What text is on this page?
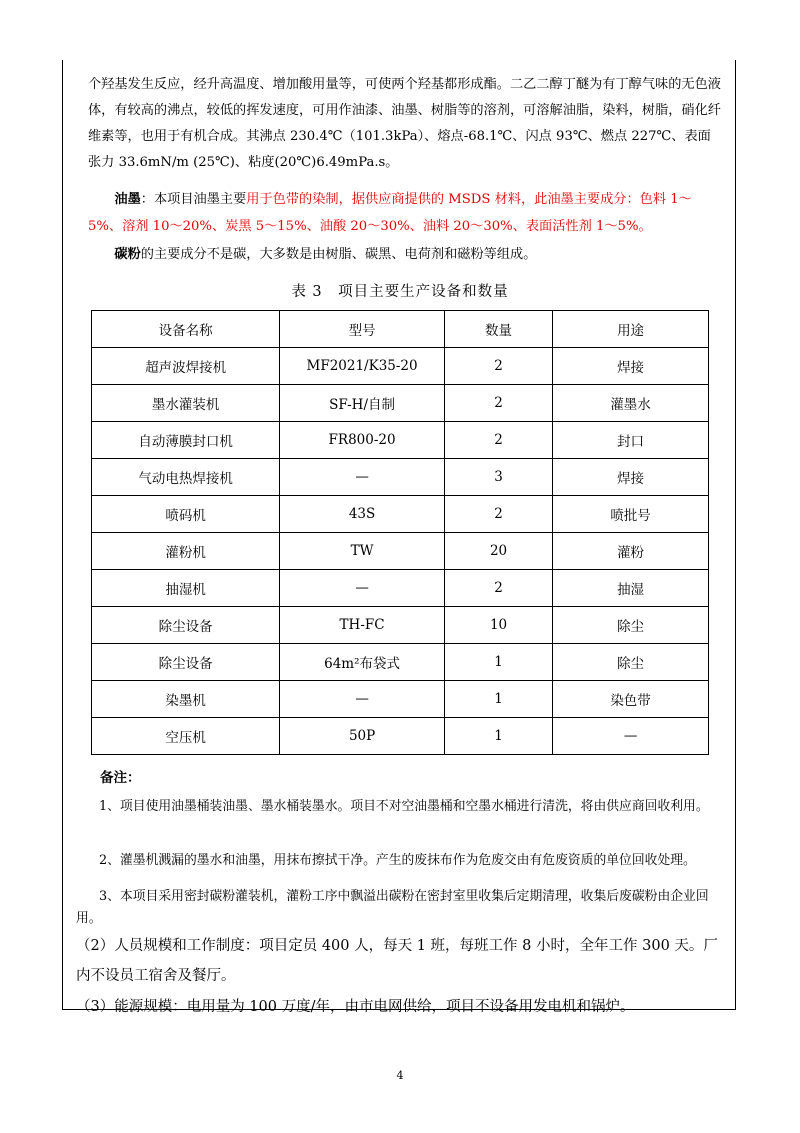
个羟基发生反应，经升高温度、增加酸用量等，可使两个羟基都形成酯。二乙二醇丁醚为有丁醇气味的无色液体，有较高的沸点，较低的挥发速度，可用作油漆、油墨、树脂等的溶剂，可溶解油脂，染料，树脂，硝化纤维素等，也用于有机合成。其沸点 230.4℃（101.3kPa）、熔点-68.1℃、闪点 93℃、燃点 227℃、表面张力 33.6mN/m (25℃)、粘度(20℃)6.49mPa.s。

油墨：本项目油墨主要用于色带的染制，据供应商提供的 MSDS 材料，此油墨主要成分：色料 1～5%、溶剂 10～20%、炭黑 5～15%、油酸 20～30%、油料 20～30%、表面活性剂 1～5%。

碳粉的主要成分不是碳，大多数是由树脂、碳黑、电荷剂和磁粉等组成。

表 3　项目主要生产设备和数量
设备名称	型号	数量	用途
超声波焊接机	MF2021/K35-20	2	焊接
墨水灌装机	SF-H/自制	2	灌墨水
自动薄膜封口机	FR800-20	2	封口
气动电热焊接机	—	3	焊接
喷码机	43S	2	喷批号
灌粉机	TW	20	灌粉
抽湿机	—	2	抽湿
除尘设备	TH-FC	10	除尘
除尘设备	64m²布袋式	1	除尘
染墨机	—	1	染色带
空压机	50P	1	—
备注：

1、项目使用油墨桶装油墨、墨水桶装墨水。项目不对空油墨桶和空墨水桶进行清洗，将由供应商回收利用。

2、灌墨机溅漏的墨水和油墨，用抹布擦拭干净。产生的废抹布作为危废交由有危废资质的单位回收处理。

3、本项目采用密封碳粉灌装机，灌粉工序中飘溢出碳粉在密封室里收集后定期清理，收集后废碳粉由企业回用。

（2）人员规模和工作制度：项目定员 400 人，每天 1 班，每班工作 8 小时，全年工作 300 天。厂内不设员工宿舍及餐厅。

（3）能源规模：电用量为 100 万度/年，由市电网供给，项目不设备用发电机和锅炉。

4
